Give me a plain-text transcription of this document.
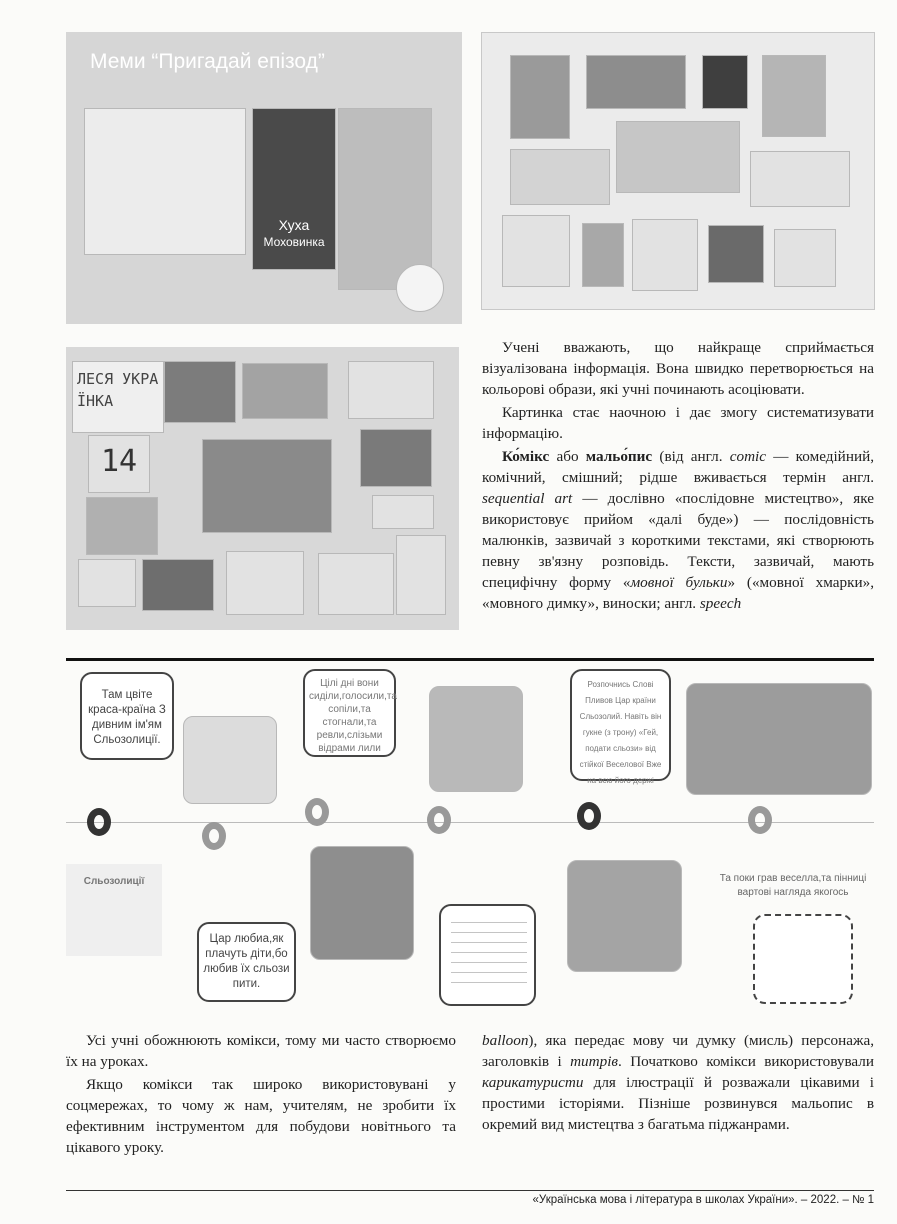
Хуха
Моховинка
Меми “Пригадай епізод”
ЛЕСЯ УКРАЇНКА
14

Учені вважають, що найкраще сприймається візуалізована інформація. Вона швидко перетворюється на кольорові образи, які учні починають асоціювати.

Картинка стає наочною і дає змогу систематизувати інформацію.

Ко́мікс або мальо́пис (від англ. comic — комедійний, комічний, смішний; рідше вживається термін англ. sequential art — дослівно «послідовне мистецтво», яке використовує прийом «далі буде») — послідовність малюнків, зазвичай з короткими текстами, які створюють певну зв'язну розповідь. Тексти, зазвичай, мають специфічну форму «мовної бульки» («мовної хмарки», «мовного димку», виноски; англ. speech

Там цвіте краса-країна З дивним ім'ям Сльозолиції.
Цілі дні вони сиділи,голосили,та сопіли,та стогнали,та ревли,слізьми відрами лили
Розпочнись Слові Пливов Цар країни Сльозолий. Навіть він гукне (з трону) «Гей, подати сльози» від стійкої Веселової Вже на всю його держі
Сльозолиції
Цар любиа,як плачуть діти,бо любив їх сльози пити.
Та поки грав веселла,та пінниці вартові нагляда якогось

Усі учні обожнюють комікси, тому ми часто створюємо їх на уроках.

Якщо комікси так широко використовувані у соцмережах, то чому ж нам, учителям, не зробити їх ефективним інструментом для побудови новітнього та цікавого уроку.

balloon), яка передає мову чи думку (мисль) персонажа, заголовків і титрів. Початково комікси використовували карикатуристи для ілюстрації й розважали цікавими і простими історіями. Пізніше розвинувся мальопис в окремий вид мистецтва з багатьма піджанрами.

«Українська мова і література в школах України». – 2022. – № 1
